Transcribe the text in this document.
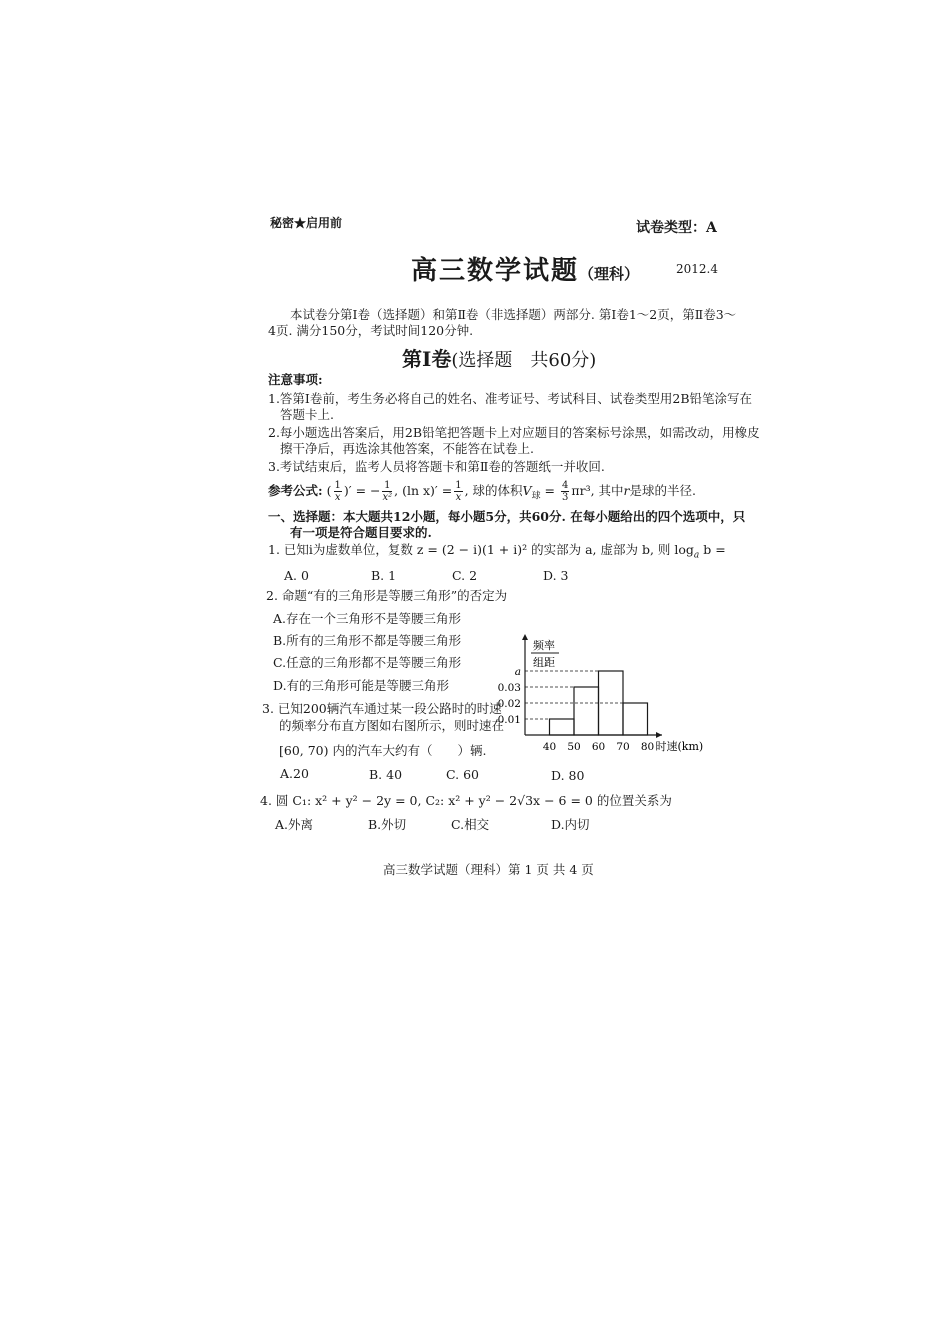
秘密★启用前	试卷类型：A
高三数学试题（理科）	2012.4
本试卷分第Ⅰ卷（选择题）和第Ⅱ卷（非选择题）两部分. 第Ⅰ卷1～2页，第Ⅱ卷3～
4页. 满分150分，考试时间120分钟.
第Ⅰ卷(选择题　共60分)
注意事项:
1.答第Ⅰ卷前，考生务必将自己的姓名、准考证号、考试科目、试卷类型用2B铅笔涂写在
答题卡上.
2.每小题选出答案后，用2B铅笔把答题卡上对应题目的答案标号涂黑，如需改动，用橡皮
擦干净后，再选涂其他答案，不能答在试卷上.
3.考试结束后，监考人员将答题卡和第Ⅱ卷的答题纸一并收回.
参考公式: ( $\frac{1}{x}$ )′ = − $\frac{1}{\text{x²}}$ , (ln $x)' = \frac{1}{x}$ , 球的体积$V_球 = \frac{4}{3} \pi r^3$, 其中r是球的半径.
一、选择题：本大题共12小题，每小题5分，共60分. 在每小题给出的四个选项中，只
有一项是符合题目要求的.
1. 已知i为虚数单位，复数 z = (2 − i)(1 + i)² 的实部为 a, 虚部为 b, 则 $\log_a b$ =
A. 0	B. 1	C. 2	D. 3
2. 命题“有的三角形是等腰三角形”的否定为
A.存在一个三角形不是等腰三角形
B.所有的三角形不都是等腰三角形
C.任意的三角形都不是等腰三角形
D.有的三角形可能是等腰三角形
3. 已知200辆汽车通过某一段公路时的时速
的频率分布直方图如右图所示，则时速在
[60, 70) 内的汽车大约有（　　）辆.
A.20	B. 40	C. 60	D. 80
频率
组距
0.01
0.02
0.03
a
40 50 60 70 80 时速(km)
4. 圆 C₁: x² + y² − 2y = 0, C₂: x² + y² − 2√3x − 6 = 0 的位置关系为
A.外离	B.外切	C.相交	D.内切
高三数学试题（理科）第 1 页 共 4 页
